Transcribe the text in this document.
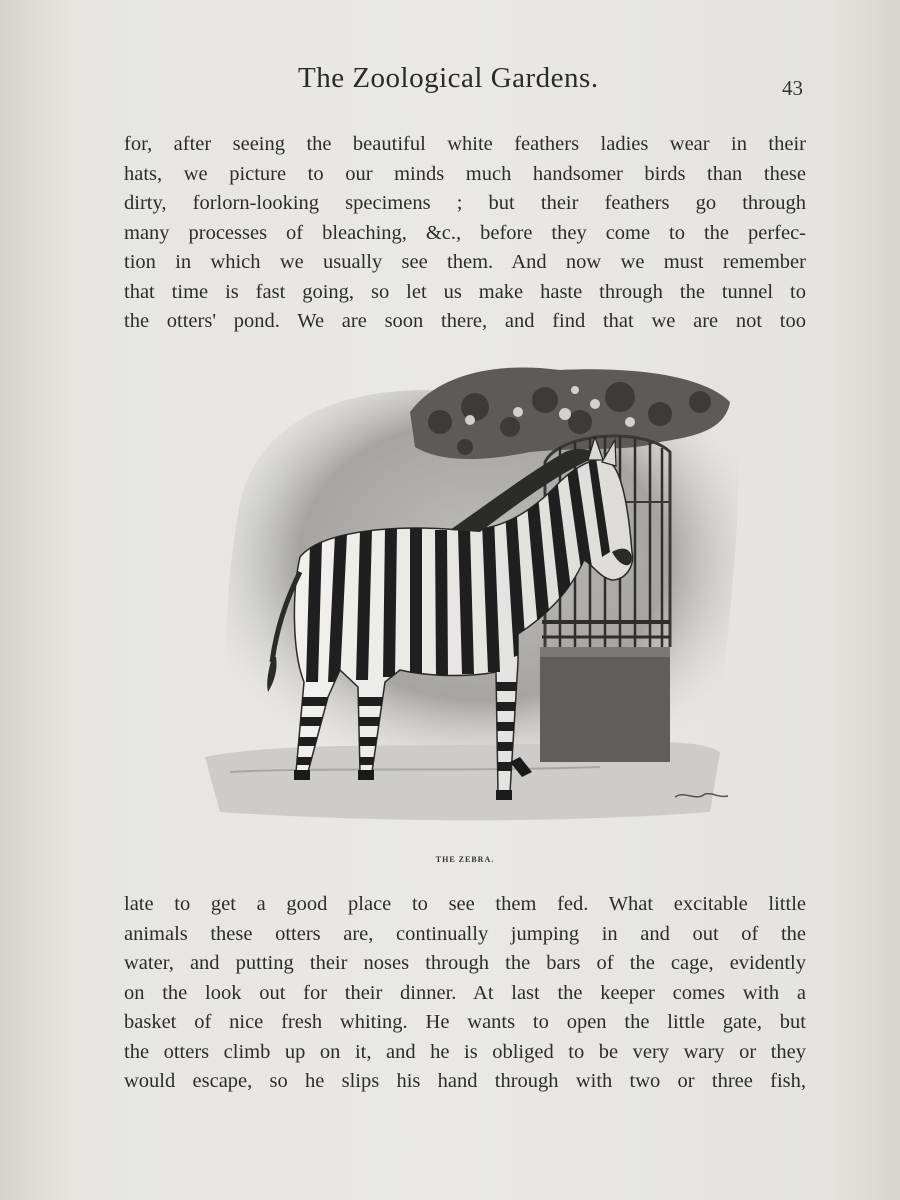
The Zoological Gardens.	43

for, after seeing the beautiful white feathers ladies wear in their
hats, we picture to our minds much handsomer birds than these
dirty, forlorn-looking specimens ; but their feathers go through
many processes of bleaching, &c., before they come to the perfec-
tion in which we usually see them. And now we must remember
that time is fast going, so let us make haste through the tunnel to
the otters' pond. We are soon there, and find that we are not too

THE ZEBRA.

late to get a good place to see them fed. What excitable little
animals these otters are, continually jumping in and out of the
water, and putting their noses through the bars of the cage, evidently
on the look out for their dinner. At last the keeper comes with a
basket of nice fresh whiting. He wants to open the little gate, but
the otters climb up on it, and he is obliged to be very wary or they
would escape, so he slips his hand through with two or three fish,
